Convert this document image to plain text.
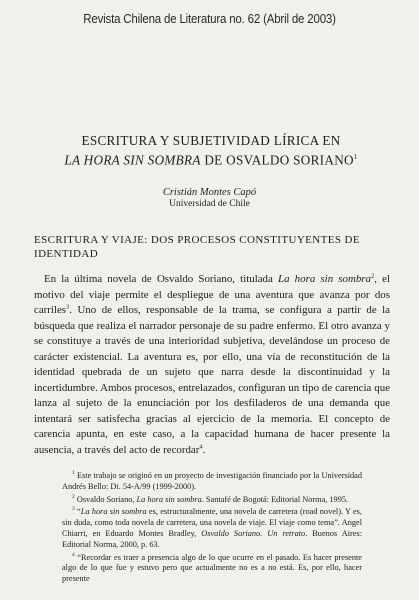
Revista Chilena de Literatura no. 62 (Abril de 2003)
ESCRITURA Y SUBJETIVIDAD LÍRICA EN
LA HORA SIN SOMBRA DE OSVALDO SORIANO$^1$
Cristián Montes Capó
Universidad de Chile
ESCRITURA Y VIAJE: DOS PROCESOS CONSTITUYENTES DE IDENTIDAD
En la última novela de Osvaldo Soriano, titulada La hora sin sombra$^2$, el motivo del viaje permite el despliegue de una aventura que avanza por dos carriles$^3$. Uno de ellos, responsable de la trama, se configura a partir de la búsqueda que realiza el narrador personaje de su padre enfermo. El otro avanza y se constituye a través de una interioridad subjetiva, develándose un proceso de carácter existencial. La aventura es, por ello, una vía de reconstitución de la identidad quebrada de un sujeto que narra desde la discontinuidad y la incertidumbre. Ambos procesos, entrelazados, configuran un tipo de carencia que lanza al sujeto de la enunciación por los desfiladeros de una demanda que intentará ser satisfecha gracias al ejercicio de la memoria. El concepto de carencia apunta, en este caso, a la capacidad humana de hacer presente la ausencia, a través del acto de recordar$^4$.

$^1$ Este trabajo se originó en un proyecto de investigación financiado por la Universidad Andrés Bello: Di. 54-A/99 (1999-2000).

$^2$ Osvaldo Soriano, La hora sin sombra. Santafé de Bogotá: Editorial Norma, 1995.

$^3$ “La hora sin sombra es, estructuralmente, una novela de carretera (road novel). Y es, sin duda, como toda novela de carretera, una novela de viaje. El viaje como tema”. Angel Chiarri, en Eduardo Montes Bradley, Osvaldo Soriano. Un retrato. Buenos Aires: Editorial Norma, 2000, p. 63.

$^4$ “Recordar es traer a presencia algo de lo que ocurre en el pasado. Es hacer presente algo de lo que fue y estuvo pero que actualmente no es a no está. Es, por ello, hacer presente
